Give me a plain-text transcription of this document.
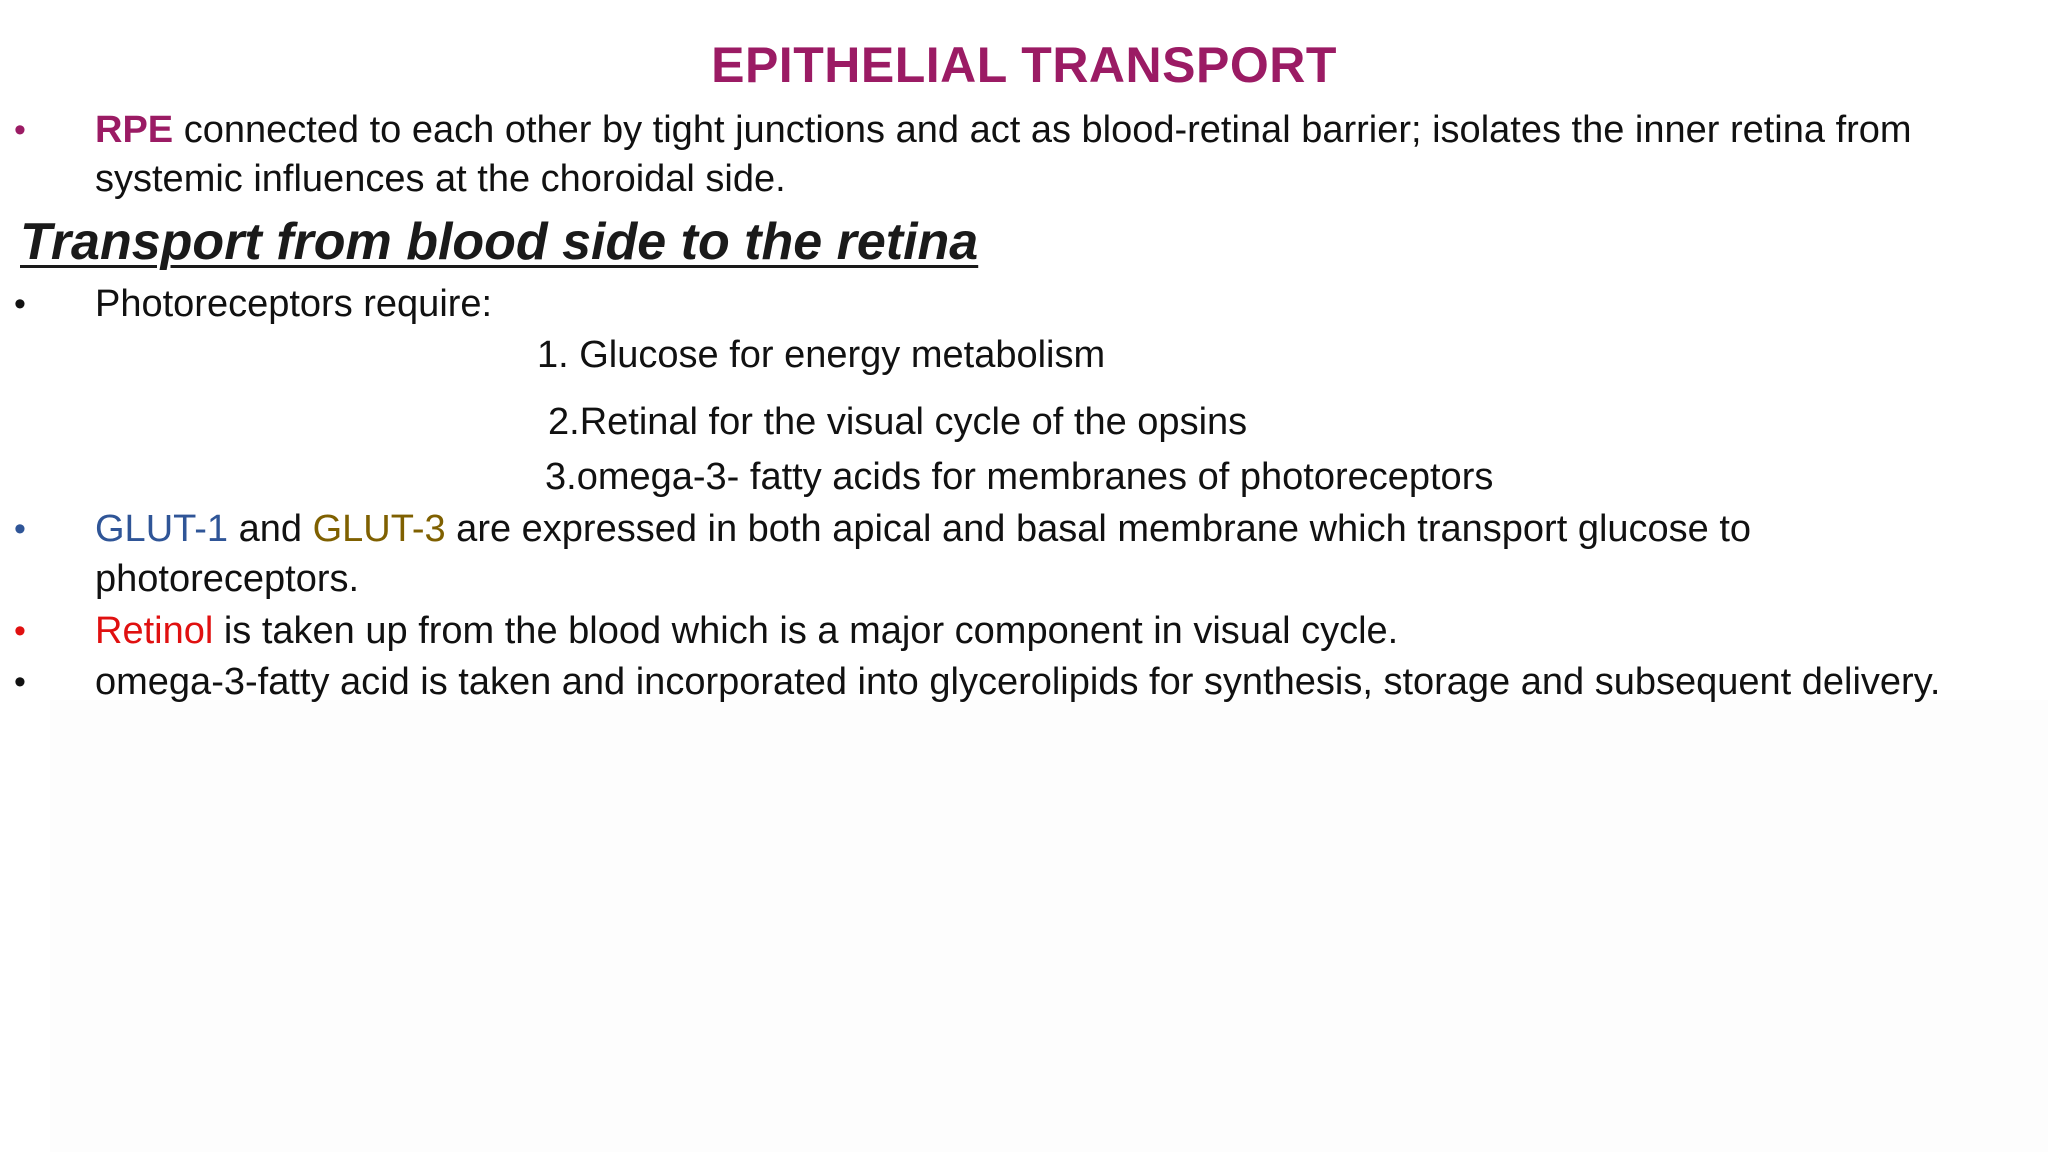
EPITHELIAL TRANSPORT
• RPE connected to each other by tight junctions and act as blood-retinal barrier; isolates the inner retina from
systemic influences at the choroidal side.
Transport from blood side to the retina
• Photoreceptors require:
1. Glucose for energy metabolism
2.Retinal for the visual cycle of the opsins
3.omega-3- fatty acids for membranes of photoreceptors
• GLUT-1 and GLUT-3 are expressed in both apical and basal membrane which transport glucose to
photoreceptors.
• Retinol is taken up from the blood which is a major component in visual cycle.
• omega-3-fatty acid is taken and incorporated into glycerolipids for synthesis, storage and subsequent delivery.
